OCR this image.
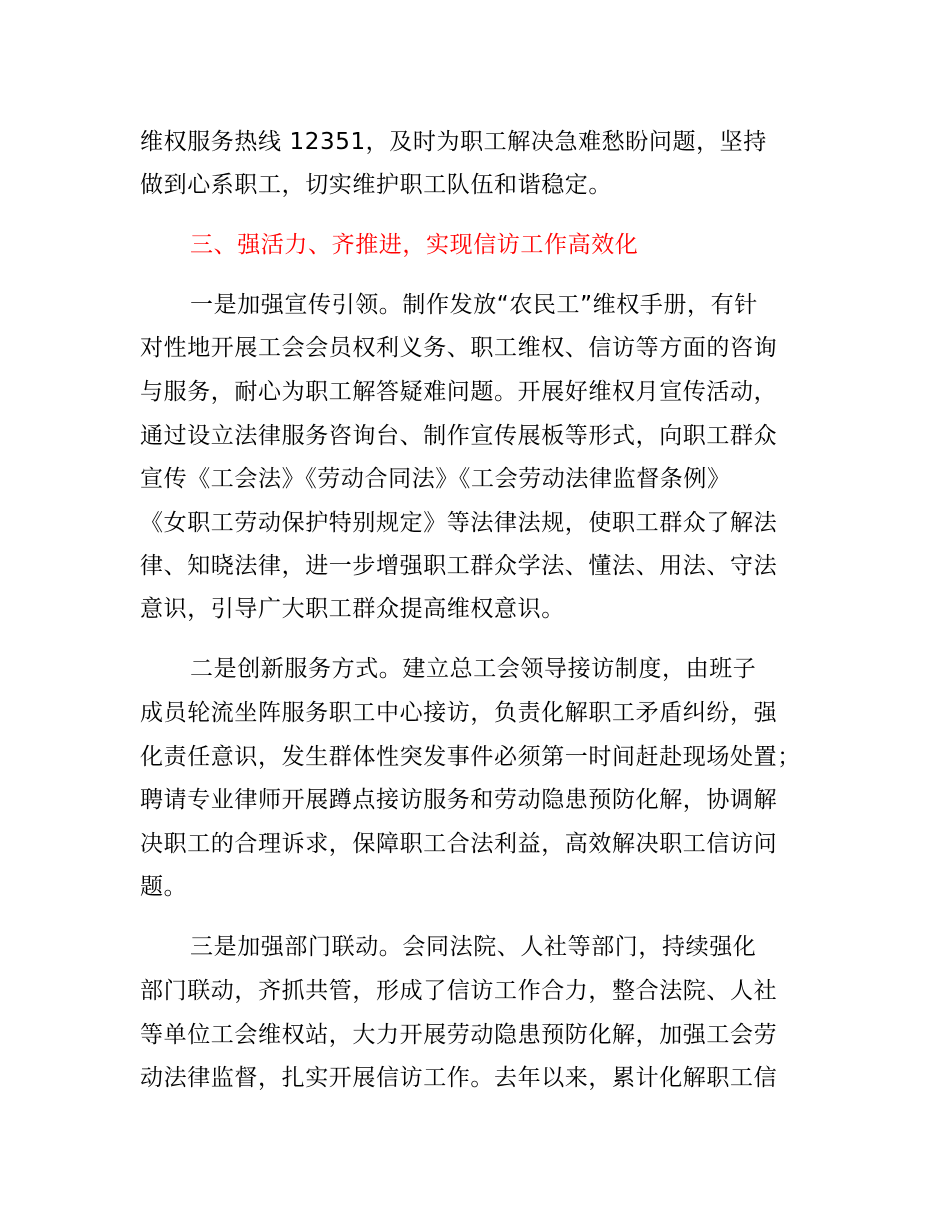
维权服务热线 12351，及时为职工解决急难愁盼问题，坚持
做到心系职工，切实维护职工队伍和谐稳定。
三、强活力、齐推进，实现信访工作高效化
一是加强宣传引领。制作发放“农民工”维权手册，有针
对性地开展工会会员权利义务、职工维权、信访等方面的咨询
与服务，耐心为职工解答疑难问题。开展好维权月宣传活动，
通过设立法律服务咨询台、制作宣传展板等形式，向职工群众
宣传《工会法》《劳动合同法》《工会劳动法律监督条例》
《女职工劳动保护特别规定》等法律法规，使职工群众了解法
律、知晓法律，进一步增强职工群众学法、懂法、用法、守法
意识，引导广大职工群众提高维权意识。
二是创新服务方式。建立总工会领导接访制度，由班子
成员轮流坐阵服务职工中心接访，负责化解职工矛盾纠纷，强
化责任意识，发生群体性突发事件必须第一时间赶赴现场处置；
聘请专业律师开展蹲点接访服务和劳动隐患预防化解，协调解
决职工的合理诉求，保障职工合法利益，高效解决职工信访问
题。
三是加强部门联动。会同法院、人社等部门，持续强化
部门联动，齐抓共管，形成了信访工作合力，整合法院、人社
等单位工会维权站，大力开展劳动隐患预防化解，加强工会劳
动法律监督，扎实开展信访工作。去年以来，累计化解职工信
